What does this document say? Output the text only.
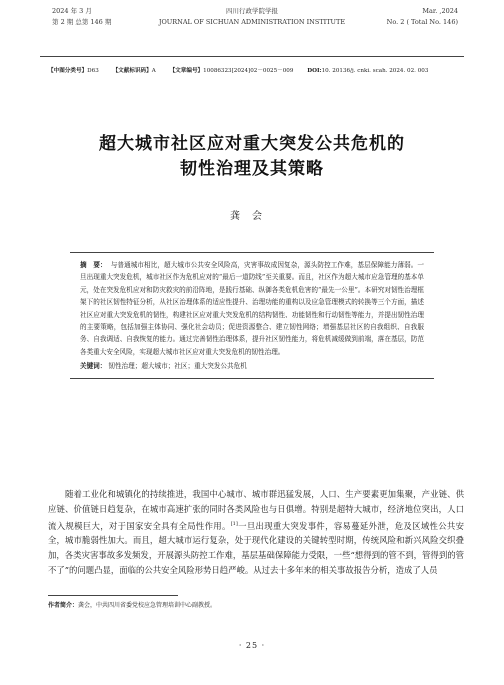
2024 年 3 月
第 2 期 总第 146 期
四川行政学院学报
JOURNAL OF SICHUAN ADMINISTRATION INSTITUTE
Mar. ,2024
No. 2 ( Total No. 146)
【中图分类号】D63 【文献标识码】A 【文章编号】10086323[2024]02－0025－009 DOI:10. 20136/j. cnki. scah. 2024. 02. 003
超大城市社区应对重大突发公共危机的
韧性治理及其策略
龚会
摘　要： 与普通城市相比，超大城市公共安全风险高，灾害事故成因复杂，源头防控工作难，基层保障能力薄弱。一旦出现重大突发危机，城市社区作为危机应对的“最后一道防线”至关重要。而且，社区作为超大城市应急管理的基本单元，处在突发危机应对和防灾救灾的前沿阵地，是践行基础、纵御各类危机危害的“最先一公里”。本研究对韧性治理框架下的社区韧性特征分析，从社区治理体系的适应性提升、治理功能的重构以及应急管理模式的转换等三个方面，描述社区应对重大突发危机的韧性，构建社区应对重大突发危机的结构韧性、功能韧性和行动韧性等能力，并提出韧性治理的主要策略，包括加强主体协同、强化社会动员；促进资源整合、建立韧性网络；增强基层社区的自我组织、自我服务、自我调适、自我恢复的能力。通过完善韧性治理体系，提升社区韧性能力，将危机减缓做到前端，落在基层，防范各类重大安全风险，实现超大城市社区应对重大突发危机的韧性治理。
关键词： 韧性治理；超大城市；社区；重大突发公共危机
随着工业化和城镇化的持续推进，我国中心城市、城市群迅猛发展，人口、生产要素更加集聚，产业链、供应链、价值链日趋复杂，在城市高速扩张的同时各类风险也与日俱增。特别是超特大城市，经济地位突出，人口流入规模巨大，对于国家安全具有全局性作用。[1]一旦出现重大突发事件，容易蔓延外泄，危及区域性公共安全，城市脆弱性加大。而且，超大城市运行复杂，处于现代化建设的关键转型时期，传统风险和新兴风险交织叠加，各类灾害事故多发频发，开展源头防控工作难，基层基础保障能力受限，一些“想得到的管不到，管得到的管不了”的问题凸显，面临的公共安全风险形势日趋严峻。从过去十多年来的相关事故报告分析，造成了人员
作者简介：龚会，中共四川省委党校应急管理培训中心副教授。
· 25 ·
